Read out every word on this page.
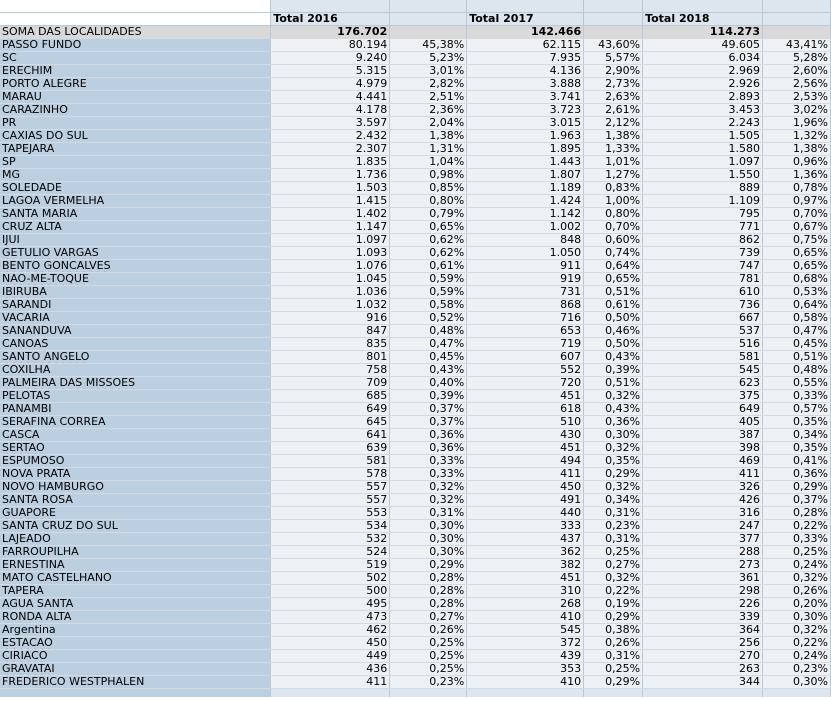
	Total 2016		Total 2017		Total 2018	
SOMA DAS LOCALIDADES	176.702		142.466		114.273	
PASSO FUNDO	80.194	45,38%	62.115	43,60%	49.605	43,41%
SC	9.240	5,23%	7.935	5,57%	6.034	5,28%
ERECHIM	5.315	3,01%	4.136	2,90%	2.969	2,60%
PORTO ALEGRE	4.979	2,82%	3.888	2,73%	2.926	2,56%
MARAU	4.441	2,51%	3.741	2,63%	2.893	2,53%
CARAZINHO	4.178	2,36%	3.723	2,61%	3.453	3,02%
PR	3.597	2,04%	3.015	2,12%	2.243	1,96%
CAXIAS DO SUL	2.432	1,38%	1.963	1,38%	1.505	1,32%
TAPEJARA	2.307	1,31%	1.895	1,33%	1.580	1,38%
SP	1.835	1,04%	1.443	1,01%	1.097	0,96%
MG	1.736	0,98%	1.807	1,27%	1.550	1,36%
SOLEDADE	1.503	0,85%	1.189	0,83%	889	0,78%
LAGOA VERMELHA	1.415	0,80%	1.424	1,00%	1.109	0,97%
SANTA MARIA	1.402	0,79%	1.142	0,80%	795	0,70%
CRUZ ALTA	1.147	0,65%	1.002	0,70%	771	0,67%
IJUI	1.097	0,62%	848	0,60%	862	0,75%
GETULIO VARGAS	1.093	0,62%	1.050	0,74%	739	0,65%
BENTO GONCALVES	1.076	0,61%	911	0,64%	747	0,65%
NAO-ME-TOQUE	1.045	0,59%	919	0,65%	781	0,68%
IBIRUBA	1.036	0,59%	731	0,51%	610	0,53%
SARANDI	1.032	0,58%	868	0,61%	736	0,64%
VACARIA	916	0,52%	716	0,50%	667	0,58%
SANANDUVA	847	0,48%	653	0,46%	537	0,47%
CANOAS	835	0,47%	719	0,50%	516	0,45%
SANTO ANGELO	801	0,45%	607	0,43%	581	0,51%
COXILHA	758	0,43%	552	0,39%	545	0,48%
PALMEIRA DAS MISSOES	709	0,40%	720	0,51%	623	0,55%
PELOTAS	685	0,39%	451	0,32%	375	0,33%
PANAMBI	649	0,37%	618	0,43%	649	0,57%
SERAFINA CORREA	645	0,37%	510	0,36%	405	0,35%
CASCA	641	0,36%	430	0,30%	387	0,34%
SERTAO	639	0,36%	451	0,32%	398	0,35%
ESPUMOSO	581	0,33%	494	0,35%	469	0,41%
NOVA PRATA	578	0,33%	411	0,29%	411	0,36%
NOVO HAMBURGO	557	0,32%	450	0,32%	326	0,29%
SANTA ROSA	557	0,32%	491	0,34%	426	0,37%
GUAPORE	553	0,31%	440	0,31%	316	0,28%
SANTA CRUZ DO SUL	534	0,30%	333	0,23%	247	0,22%
LAJEADO	532	0,30%	437	0,31%	377	0,33%
FARROUPILHA	524	0,30%	362	0,25%	288	0,25%
ERNESTINA	519	0,29%	382	0,27%	273	0,24%
MATO CASTELHANO	502	0,28%	451	0,32%	361	0,32%
TAPERA	500	0,28%	310	0,22%	298	0,26%
AGUA SANTA	495	0,28%	268	0,19%	226	0,20%
RONDA ALTA	473	0,27%	410	0,29%	339	0,30%
Argentina	462	0,26%	545	0,38%	364	0,32%
ESTACAO	450	0,25%	372	0,26%	256	0,22%
CIRIACO	449	0,25%	439	0,31%	270	0,24%
GRAVATAI	436	0,25%	353	0,25%	263	0,23%
FREDERICO WESTPHALEN	411	0,23%	410	0,29%	344	0,30%
